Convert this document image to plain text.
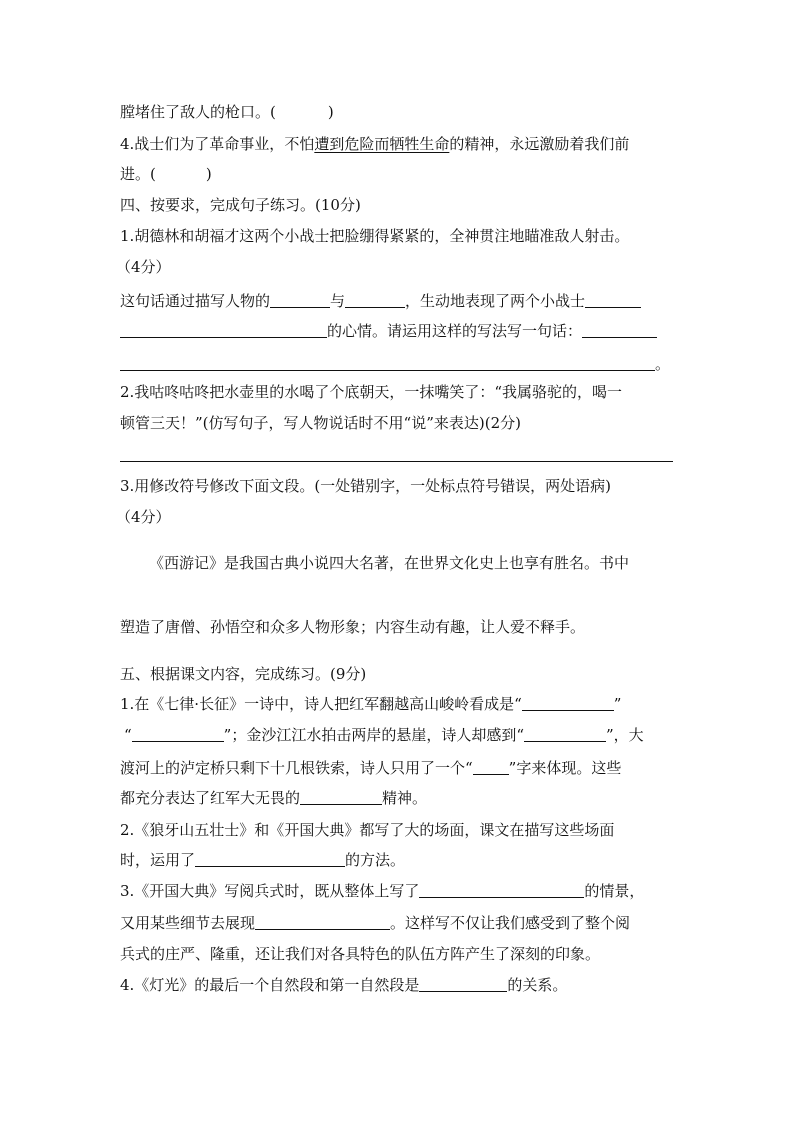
膛堵住了敌人的枪口。(	)
4.战士们为了革命事业，不怕遭到危险而牺牲生命的精神，永远激励着我们前
进。(	)
四、按要求，完成句子练习。(10分)
1.胡德林和胡福才这两个小战士把脸绷得紧紧的，全神贯注地瞄准敌人射击。
（4分）
这句话通过描写人物的	与	，生动地表现了两个小战士
的心情。请运用这样的写法写一句话：
。
2.我咕咚咕咚把水壶里的水喝了个底朝天，一抹嘴笑了：“我属骆驼的，喝一
顿管三天！”(仿写句子，写人物说话时不用“说”来表达)(2分)
3.用修改符号修改下面文段。(一处错别字，一处标点符号错误，两处语病)
（4分）
《西游记》是我国古典小说四大名著，在世界文化史上也享有胜名。书中
塑造了唐僧、孙悟空和众多人物形象；内容生动有趣，让人爱不释手。
五、根据课文内容，完成练习。(9分)
1.在《七律·长征》一诗中，诗人把红军翻越高山峻岭看成是“	”
“	”；金沙江江水拍击两岸的悬崖，诗人却感到“	”，大
渡河上的泸定桥只剩下十几根铁索，诗人只用了一个“ ”字来体现。这些
都充分表达了红军大无畏的	精神。
2.《狼牙山五壮士》和《开国大典》都写了大的场面，课文在描写这些场面
时，运用了	的方法。
3.《开国大典》写阅兵式时，既从整体上写了	的情景，
又用某些细节去展现	。这样写不仅让我们感受到了整个阅
兵式的庄严、隆重，还让我们对各具特色的队伍方阵产生了深刻的印象。
4.《灯光》的最后一个自然段和第一自然段是	的关系。
